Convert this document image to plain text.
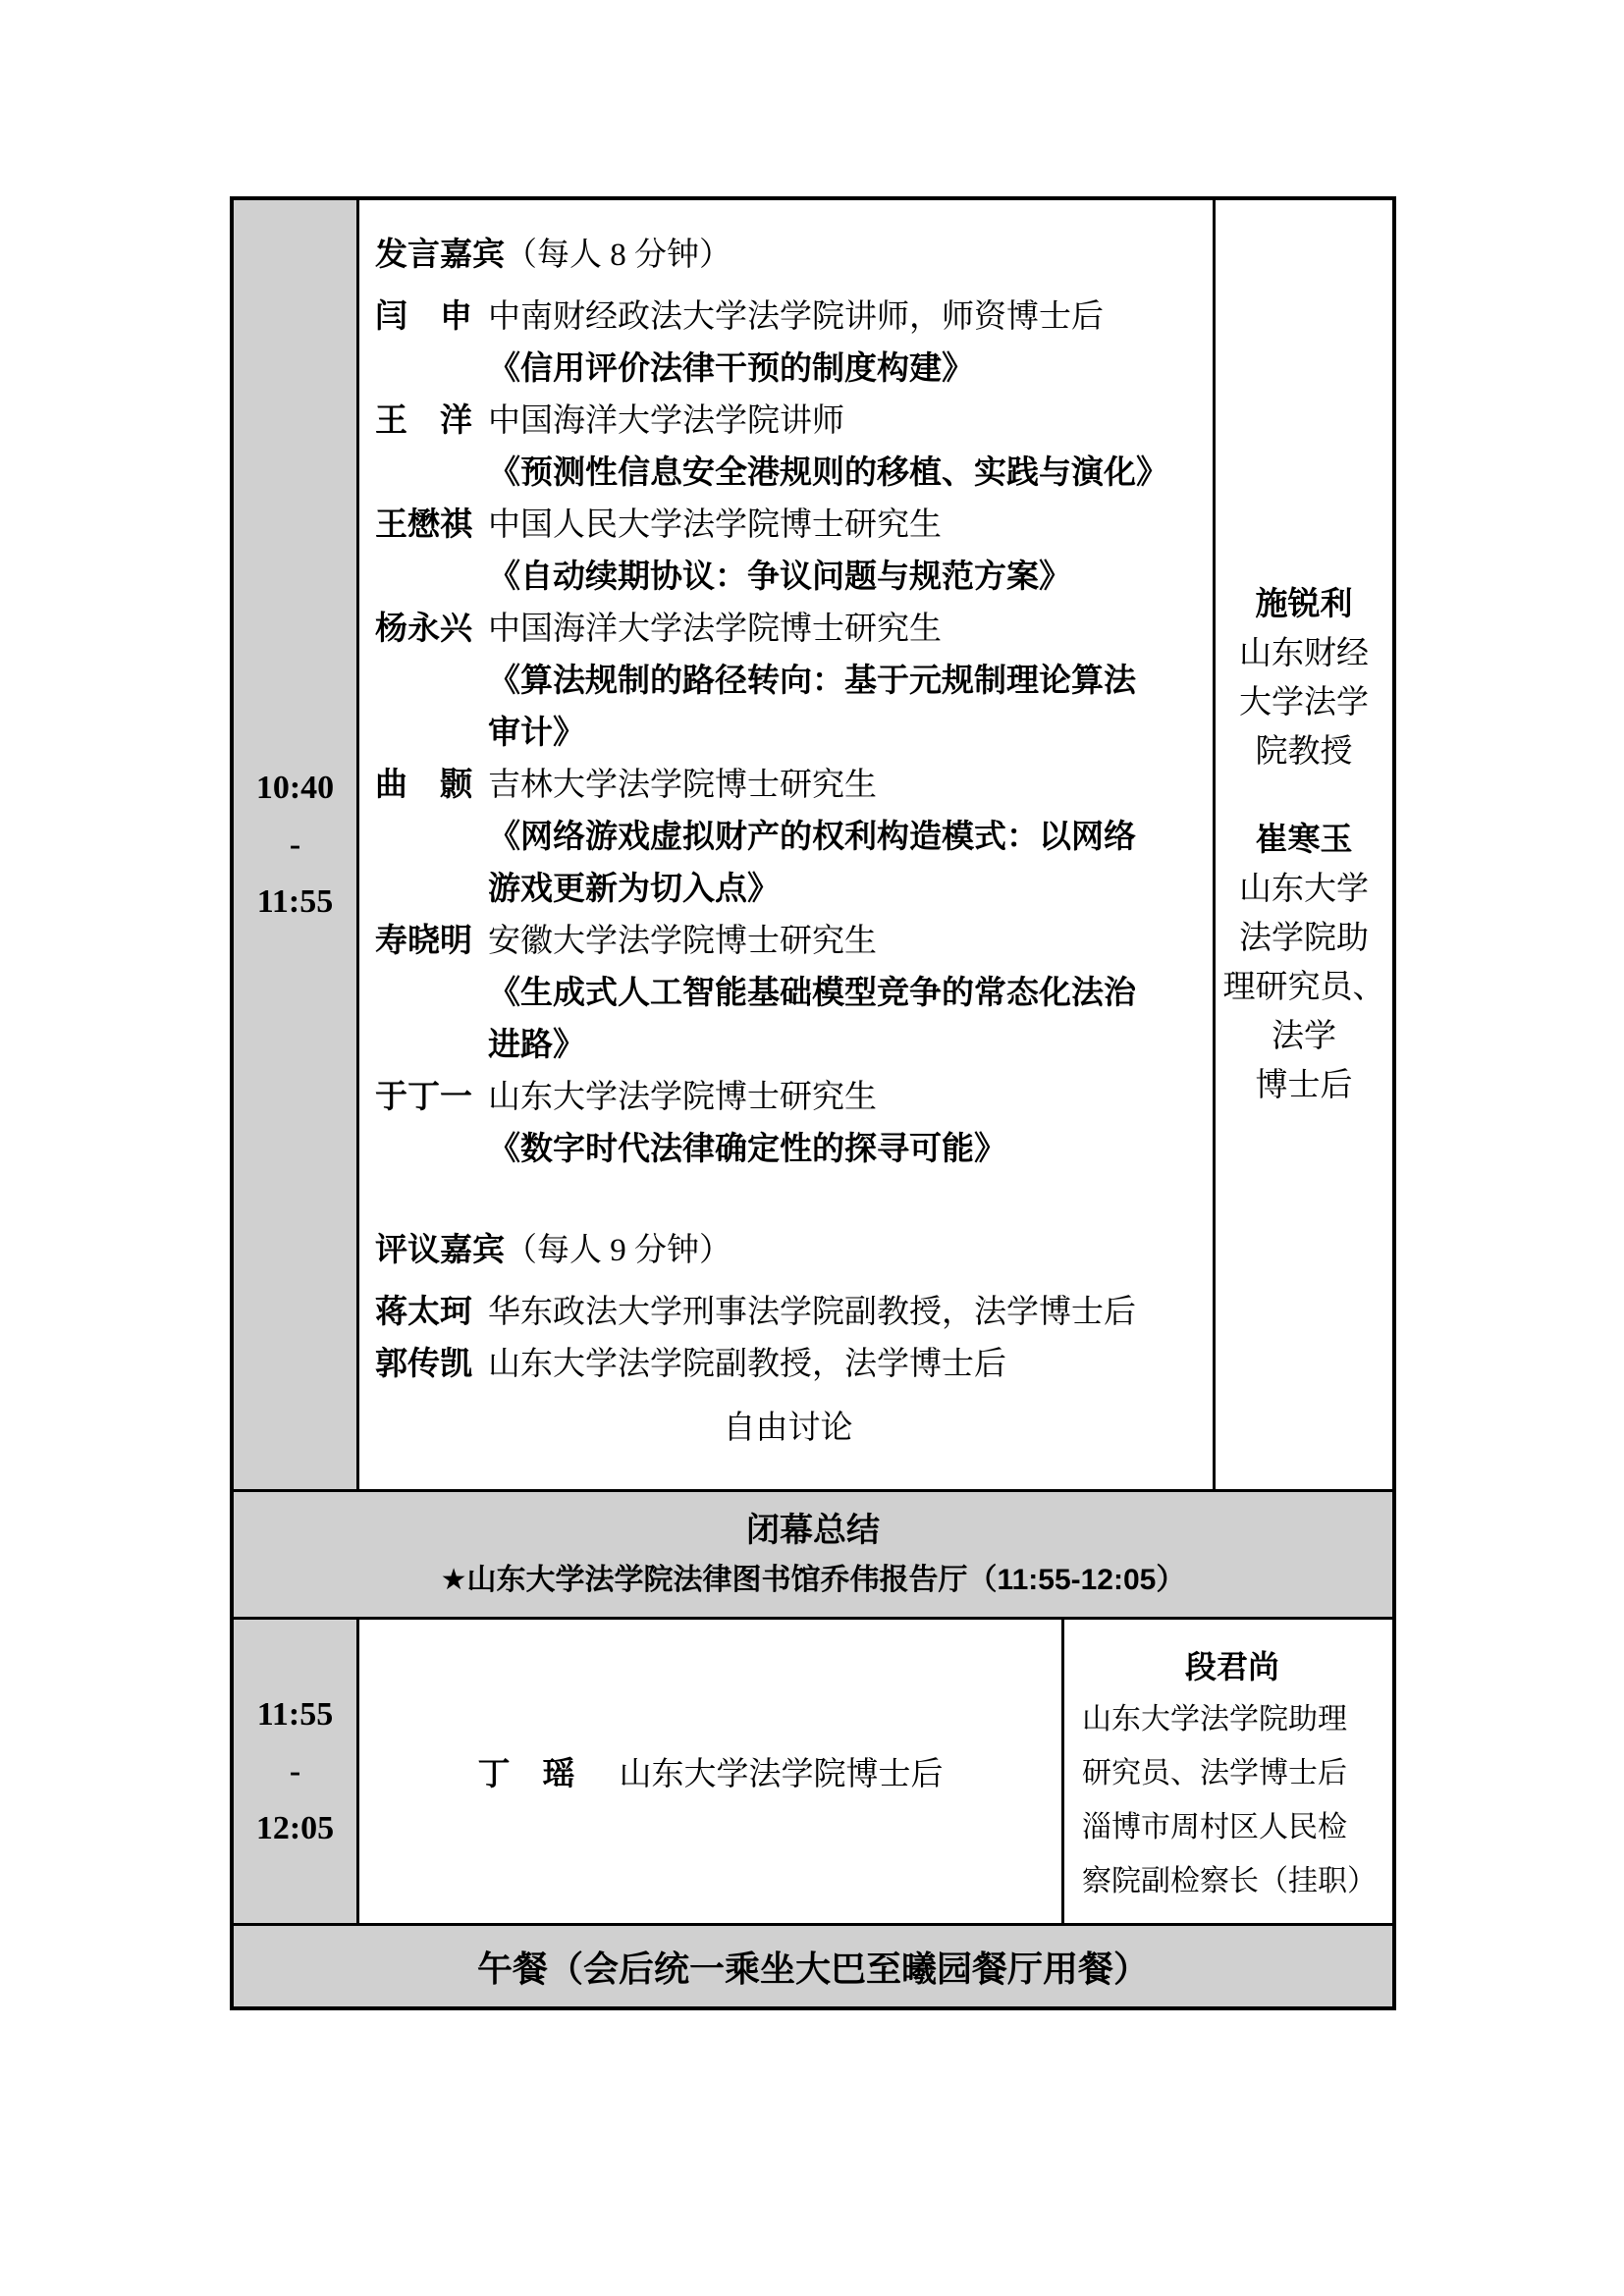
10:40
-
11:55
发言嘉宾（每人 8 分钟）
闫　申 中南财经政法大学法学院讲师，师资博士后
《信用评价法律干预的制度构建》
王　洋 中国海洋大学法学院讲师
《预测性信息安全港规则的移植、实践与演化》
王懋祺 中国人民大学法学院博士研究生
《自动续期协议：争议问题与规范方案》
杨永兴 中国海洋大学法学院博士研究生
《算法规制的路径转向：基于元规制理论算法
审计》
曲　颢 吉林大学法学院博士研究生
《网络游戏虚拟财产的权利构造模式：以网络
游戏更新为切入点》
寿晓明 安徽大学法学院博士研究生
《生成式人工智能基础模型竞争的常态化法治
进路》
于丁一 山东大学法学院博士研究生
《数字时代法律确定性的探寻可能》
评议嘉宾（每人 9 分钟）
蒋太珂 华东政法大学刑事法学院副教授，法学博士后
郭传凯 山东大学法学院副教授，法学博士后
自由讨论
施锐利
山东财经
大学法学
院教授
崔寒玉
山东大学
法学院助
理研究员、
法学
博士后
闭幕总结
★山东大学法学院法律图书馆乔伟报告厅（11:55-12:05）
11:55
-
12:05
丁　瑶 山东大学法学院博士后
段君尚
山东大学法学院助理
研究员、法学博士后
淄博市周村区人民检
察院副检察长（挂职）
午餐（会后统一乘坐大巴至曦园餐厅用餐）
